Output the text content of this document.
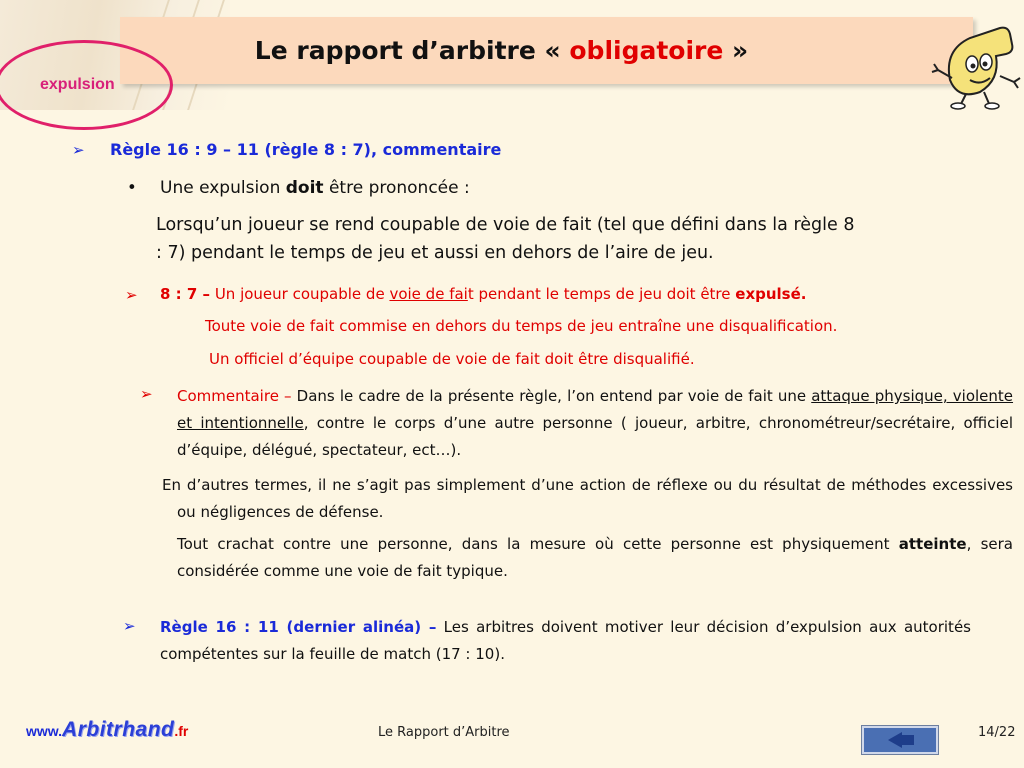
Le rapport d’arbitre « obligatoire »
expulsion
➢ Règle 16 : 9 – 11 (règle 8 : 7), commentaire
• Une expulsion doit être prononcée :
Lorsqu’un joueur se rend coupable de voie de fait (tel que défini dans la règle 8
: 7) pendant le temps de jeu et aussi en dehors de l’aire de jeu.
➢ 8 : 7 – Un joueur coupable de voie de fait pendant le temps de jeu doit être expulsé.
Toute voie de fait commise en dehors du temps de jeu entraîne une disqualification.
Un officiel d’équipe coupable de voie de fait doit être disqualifié.
➢ Commentaire – Dans le cadre de la présente règle, l’on entend par voie de fait une attaque physique, violente et intentionnelle, contre le corps d’une autre personne ( joueur, arbitre, chronométreur/secrétaire, officiel d’équipe, délégué, spectateur, ect…).
En d’autres termes, il ne s’agit pas simplement d’une action de réflexe ou du résultat de méthodes excessives ou négligences de défense.
Tout crachat contre une personne, dans la mesure où cette personne est physiquement atteinte, sera considérée comme une voie de fait typique.
➢ Règle 16 : 11 (dernier alinéa) – Les arbitres doivent motiver leur décision d’expulsion aux autorités compétentes sur la feuille de match (17 : 10).
www.Arbitrhand.fr	Le Rapport d’Arbitre	14/22
